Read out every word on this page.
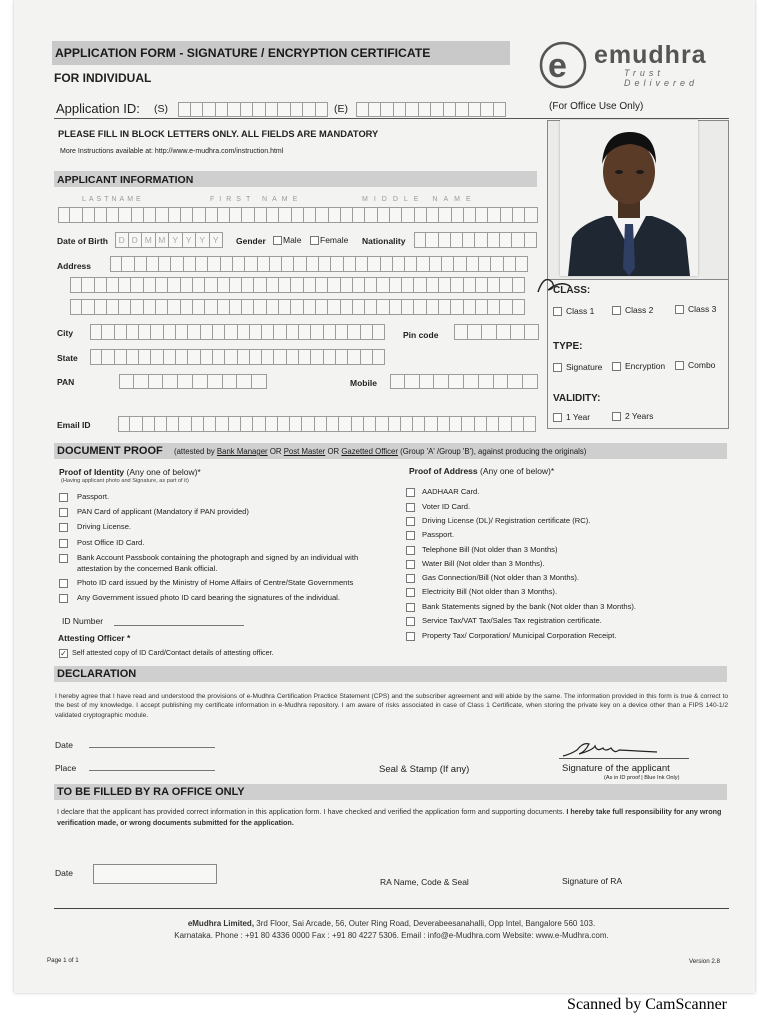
APPLICATION FORM - SIGNATURE / ENCRYPTION CERTIFICATE
FOR INDIVIDUAL	e emudhra
Trust Delivered
Application ID: (S)	(E)	(For Office Use Only)
PLEASE FILL IN BLOCK LETTERS ONLY. ALL FIELDS ARE MANDATORY
More Instructions available at: http://www.e-mudhra.com/instruction.html
APPLICANT INFORMATION
LASTNAME	FIRST NAME	MIDDLE NAME
Date of Birth	D D M M Y Y Y Y	Gender	Male	Female Nationality
Address
City	Pin code
State
PAN	Mobile
Email ID
CLASS:
Class 1	Class 2	Class 3
TYPE:
Signature	Encryption	Combo
VALIDITY:
1 Year	2 Years
DOCUMENT PROOF (attested by Bank Manager OR Post Master OR Gazetted Officer (Group 'A' /Group 'B'), against producing the originals)
Proof of Identity (Any one of below)*
(Having applicant photo and Signature, as part of it)
Passport.
PAN Card of applicant (Mandatory if PAN provided)
Driving License.
Post Office ID Card.
Bank Account Passbook containing the photograph and signed by an individual with attestation by the concerned Bank official.
Photo ID card issued by the Ministry of Home Affairs of Centre/State Governments
Any Government issued photo ID card bearing the signatures of the individual.
ID Number
Attesting Officer *
✓Self attested copy of ID Card/Contact details of attesting officer.
Proof of Address (Any one of below)*
AADHAAR Card.
Voter ID Card.
Driving License (DL)/ Registration certificate (RC).
Passport.
Telephone Bill (Not older than 3 Months)
Water Bill (Not older than 3 Months).
Gas Connection/Bill (Not older than 3 Months).
Electricity Bill (Not older than 3 Months).
Bank Statements signed by the bank (Not older than 3 Months).
Service Tax/VAT Tax/Sales Tax registration certificate.
Property Tax/ Corporation/ Municipal Corporation Receipt.
DECLARATION
I hereby agree that I have read and understood the provisions of e-Mudhra Certification Practice Statement (CPS) and the subscriber agreement and will abide by the same. The information provided in this form is true & correct to the best of my knowledge. I accept publishing my certificate information in e-Mudhra repository. I am aware of risks associated in case of Class 1 Certificate, when storing the private key on a device other than a FIPS 140-1/2 validated cryptographic module.
Date
Place	Seal & Stamp (If any)	Signature of the applicant
(As in ID proof | Blue Ink Only)
TO BE FILLED BY RA OFFICE ONLY
I declare that the applicant has provided correct information in this application form. I have checked and verified the application form and supporting documents. I hereby take full responsibility for any wrong verification made, or wrong documents submitted for the application.
Date
RA Name, Code & Seal	Signature of RA
eMudhra Limited, 3rd Floor, Sai Arcade, 56, Outer Ring Road, Deverabeesanahalli, Opp Intel, Bangalore 560 103.
Karnataka. Phone : +91 80 4336 0000 Fax : +91 80 4227 5306. Email : info@e-Mudhra.com Website: www.e-Mudhra.com.
Page 1 of 1	Version 2.8
Scanned by CamScanner
